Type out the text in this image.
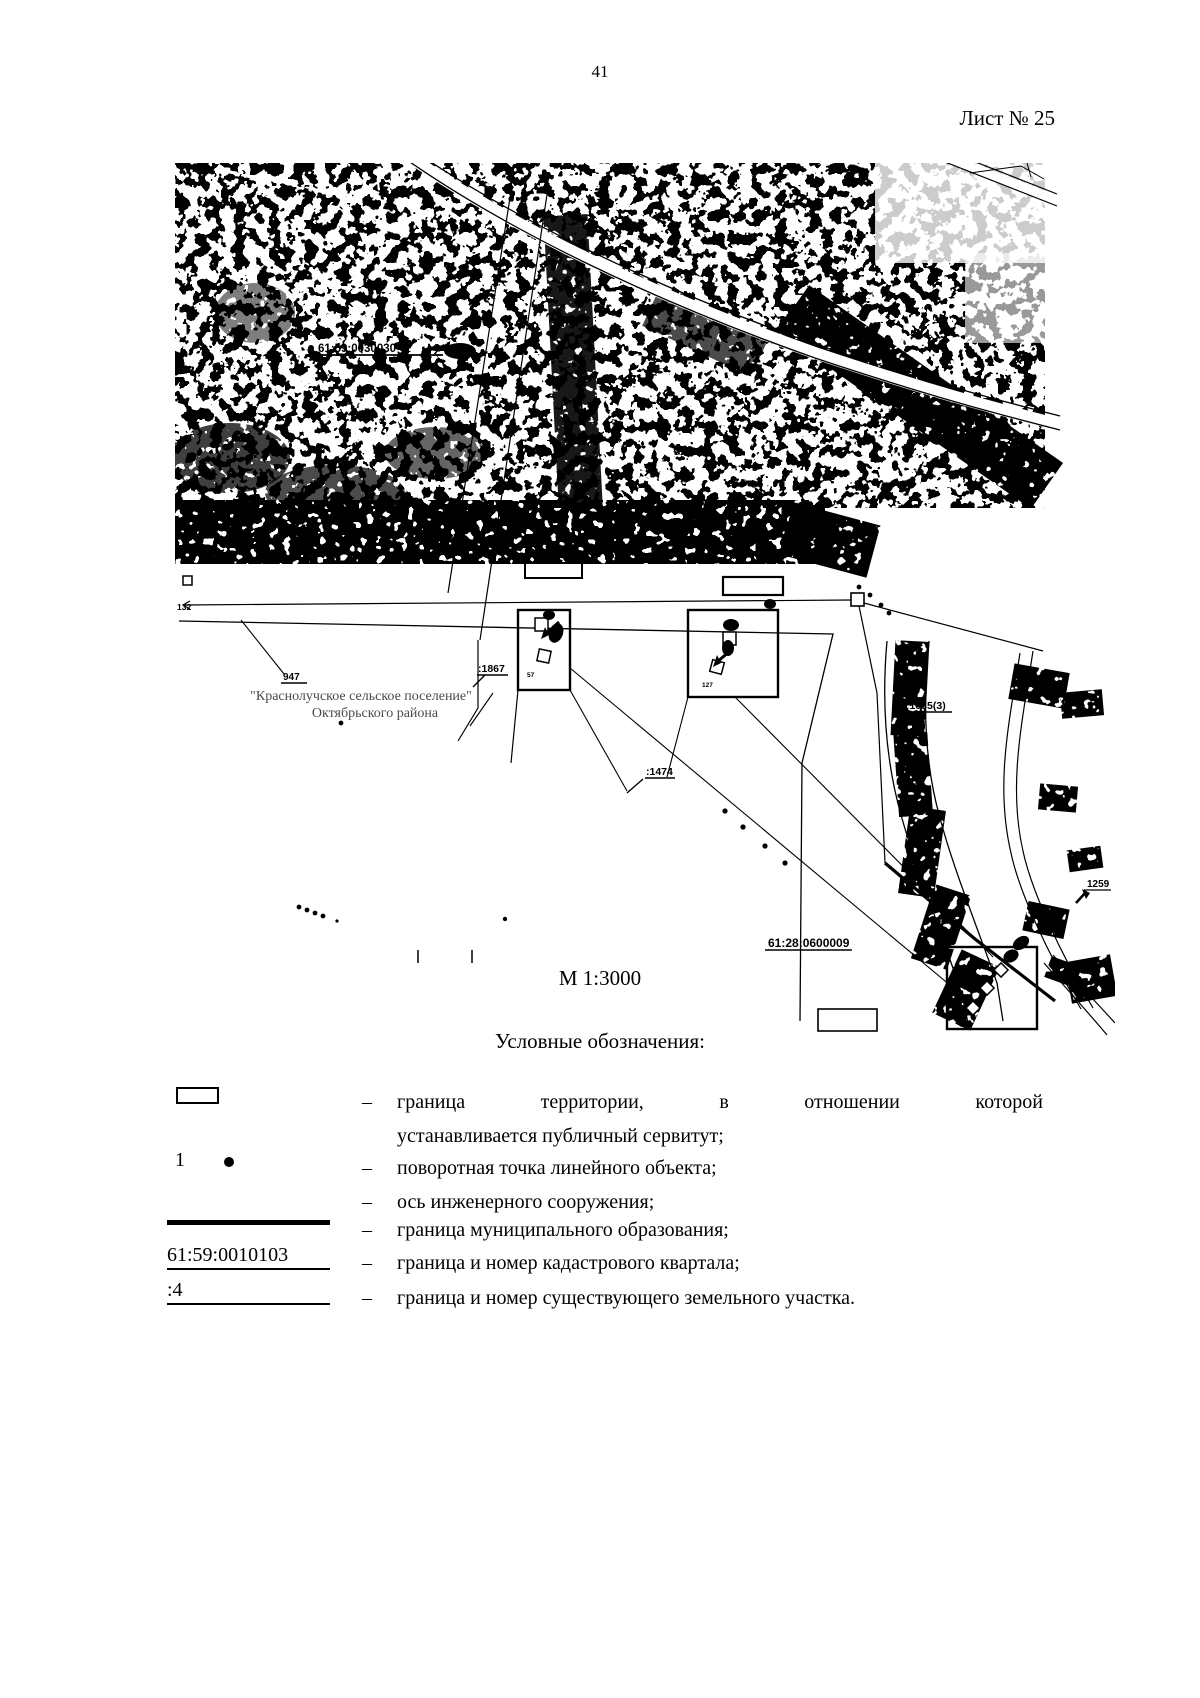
41
Лист № 25
61:59:0030030
132
947
"Краснолучское сельское поселение"
Октябрьского района
:1867
:1474
:1835(3)
61:28:0600009
1259
57
127
523
М 1:3000
Условные обозначения:
1
61:59:0010103
:4
– граница территории, в отношении которой
устанавливается публичный сервитут;
– поворотная точка линейного объекта;
– ось инженерного сооружения;
– граница муниципального образования;
– граница и номер кадастрового квартала;
– граница и номер существующего земельного участка.
